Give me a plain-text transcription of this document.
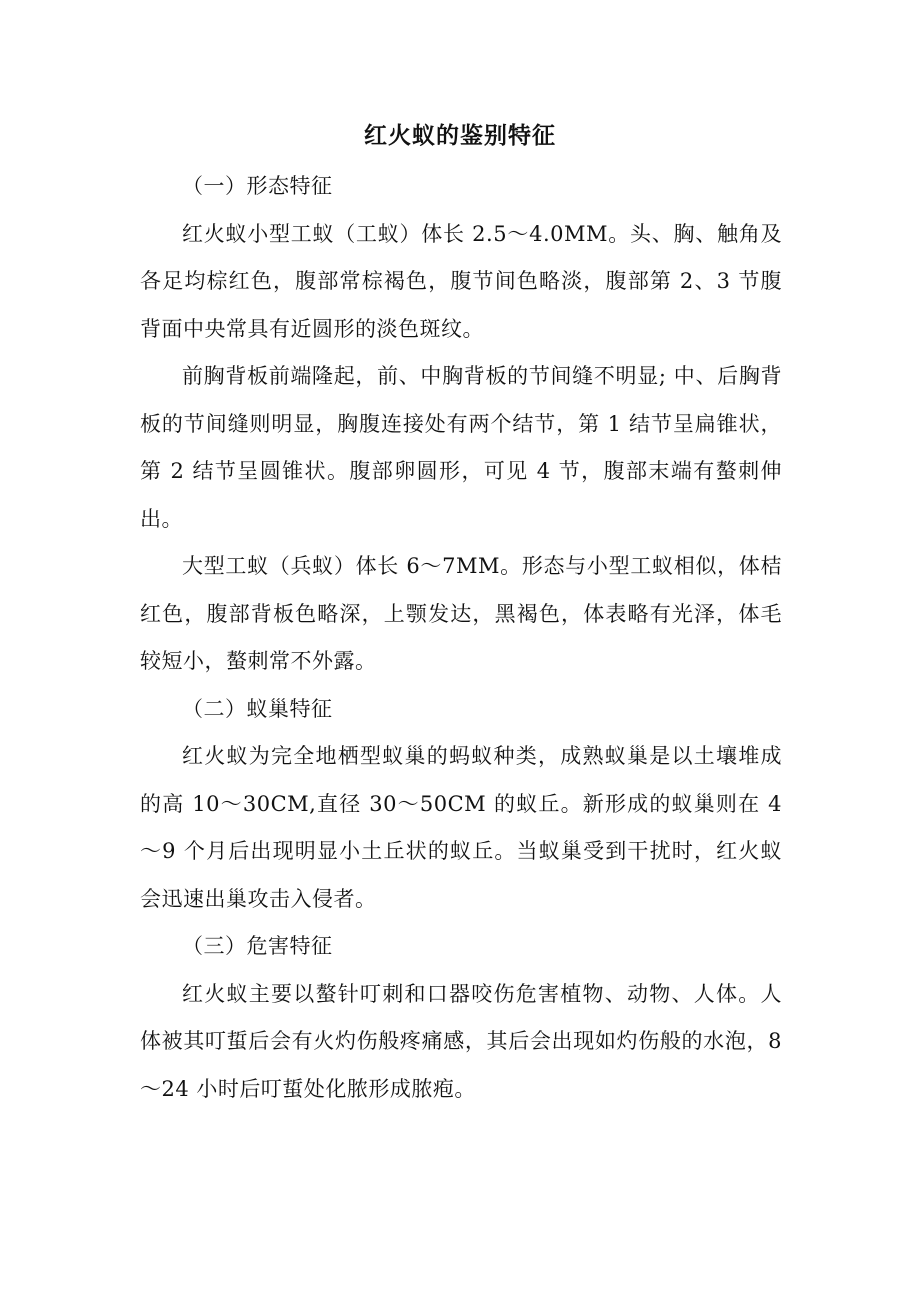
红火蚁的鉴别特征

（一）形态特征

红火蚁小型工蚁（工蚁）体长 2.5～4.0MM。头、胸、触角及各足均棕红色，腹部常棕褐色，腹节间色略淡，腹部第 2、3 节腹背面中央常具有近圆形的淡色斑纹。

前胸背板前端隆起，前、中胸背板的节间缝不明显; 中、后胸背板的节间缝则明显，胸腹连接处有两个结节，第 1 结节呈扁锥状，第 2 结节呈圆锥状。腹部卵圆形，可见 4 节，腹部末端有螯刺伸出。

大型工蚁（兵蚁）体长 6～7MM。形态与小型工蚁相似，体桔红色，腹部背板色略深，上颚发达，黑褐色，体表略有光泽，体毛较短小，螯刺常不外露。

（二）蚁巢特征

红火蚁为完全地栖型蚁巢的蚂蚁种类，成熟蚁巢是以土壤堆成的高 10～30CM,直径 30～50CM 的蚁丘。新形成的蚁巢则在 4～9 个月后出现明显小土丘状的蚁丘。当蚁巢受到干扰时，红火蚁会迅速出巢攻击入侵者。

（三）危害特征

红火蚁主要以螯针叮刺和口器咬伤危害植物、动物、人体。人体被其叮蜇后会有火灼伤般疼痛感，其后会出现如灼伤般的水泡，8～24 小时后叮蜇处化脓形成脓疱。
